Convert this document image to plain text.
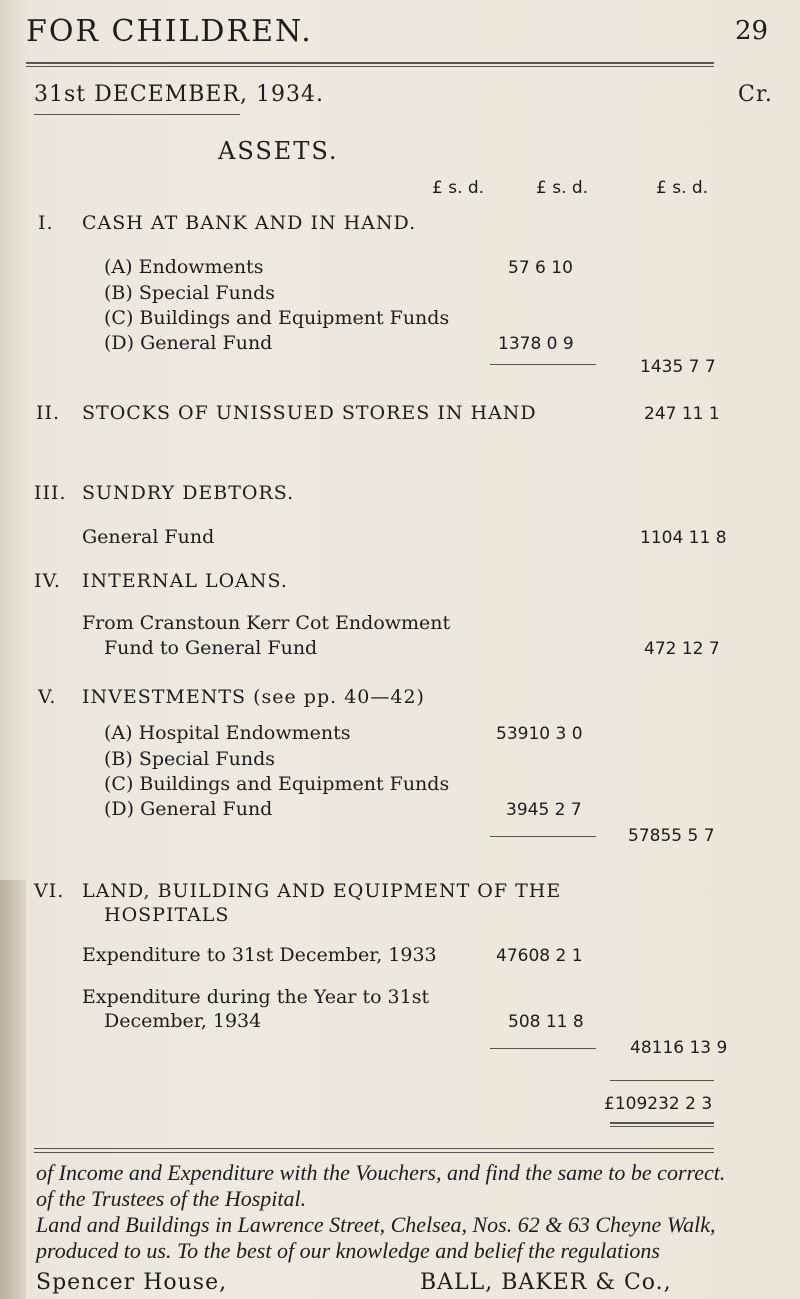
FOR CHILDREN.	29
31st DECEMBER, 1934.	Cr.
ASSETS.
£ s. d.	£ s. d.	£ s. d.
I. CASH AT BANK AND IN HAND.
(A) Endowments	57 6 10
(B) Special Funds
(C) Buildings and Equipment Funds
(D) General Fund	1378 0 9
1435 7 7
II. STOCKS OF UNISSUED STORES IN HAND	247 11 1
III. SUNDRY DEBTORS.
General Fund	1104 11 8
IV. INTERNAL LOANS.
From Cranstoun Kerr Cot Endowment
Fund to General Fund	472 12 7
V. INVESTMENTS (see pp. 40—42)
(A) Hospital Endowments	53910 3 0
(B) Special Funds
(C) Buildings and Equipment Funds
(D) General Fund	3945 2 7
57855 5 7
VI. LAND, BUILDING AND EQUIPMENT OF THE
HOSPITALS
Expenditure to 31st December, 1933	47608 2 1
Expenditure during the Year to 31st
December, 1934	508 11 8
48116 13 9
£109232 2 3
of Income and Expenditure with the Vouchers, and find the same to be correct.
of the Trustees of the Hospital.
Land and Buildings in Lawrence Street, Chelsea, Nos. 62 & 63 Cheyne Walk,
produced to us. To the best of our knowledge and belief the regulations
Spencer House,	BALL, BAKER & Co.,
